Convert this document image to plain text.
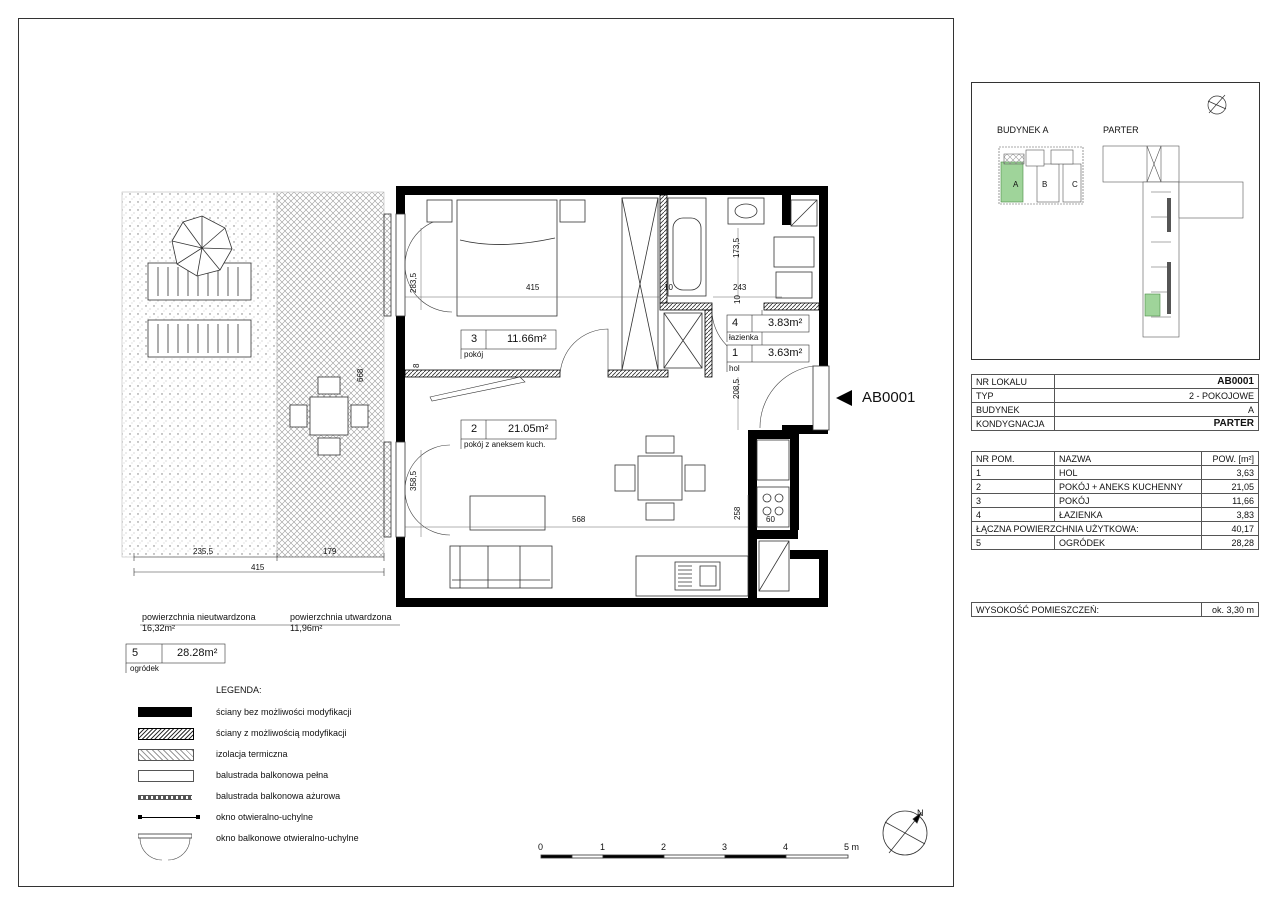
N
AB0001
3	11.66m²
pokój
2	21.05m²
pokój z aneksem kuch.
4	3.83m²
łazienka
1	3.63m²
hol
5	28.28m²
ogródek
415	243
173,5
10
10
283,5
668
8
208,5
358,5
568	258	60
235,5	179
415
powierzchnia nieutwardzona
16,32m²
powierzchnia utwardzona
11,96m²
LEGENDA:
ściany bez możliwości modyfikacji
ściany z możliwością modyfikacji
izolacja termiczna
balustrada balkonowa pełna
balustrada balkonowa ażurowa
okno otwieralno-uchylne
okno balkonowe otwieralno-uchylne
0	1	2	3	4	5 m
BUDYNEK A	PARTER
A	B	C
NR LOKALU	AB0001
TYP	2 - POKOJOWE
BUDYNEK	A
KONDYGNACJA	PARTER
NR POM.	NAZWA	POW. [m²]
1	HOL	3,63
2	POKÓJ + ANEKS KUCHENNY	21,05
3	POKÓJ	11,66
4	ŁAZIENKA	3,83
ŁĄCZNA POWIERZCHNIA UŻYTKOWA:		40,17
5	OGRÓDEK	28,28
WYSOKOŚĆ POMIESZCZEŃ:	ok. 3,30 m
